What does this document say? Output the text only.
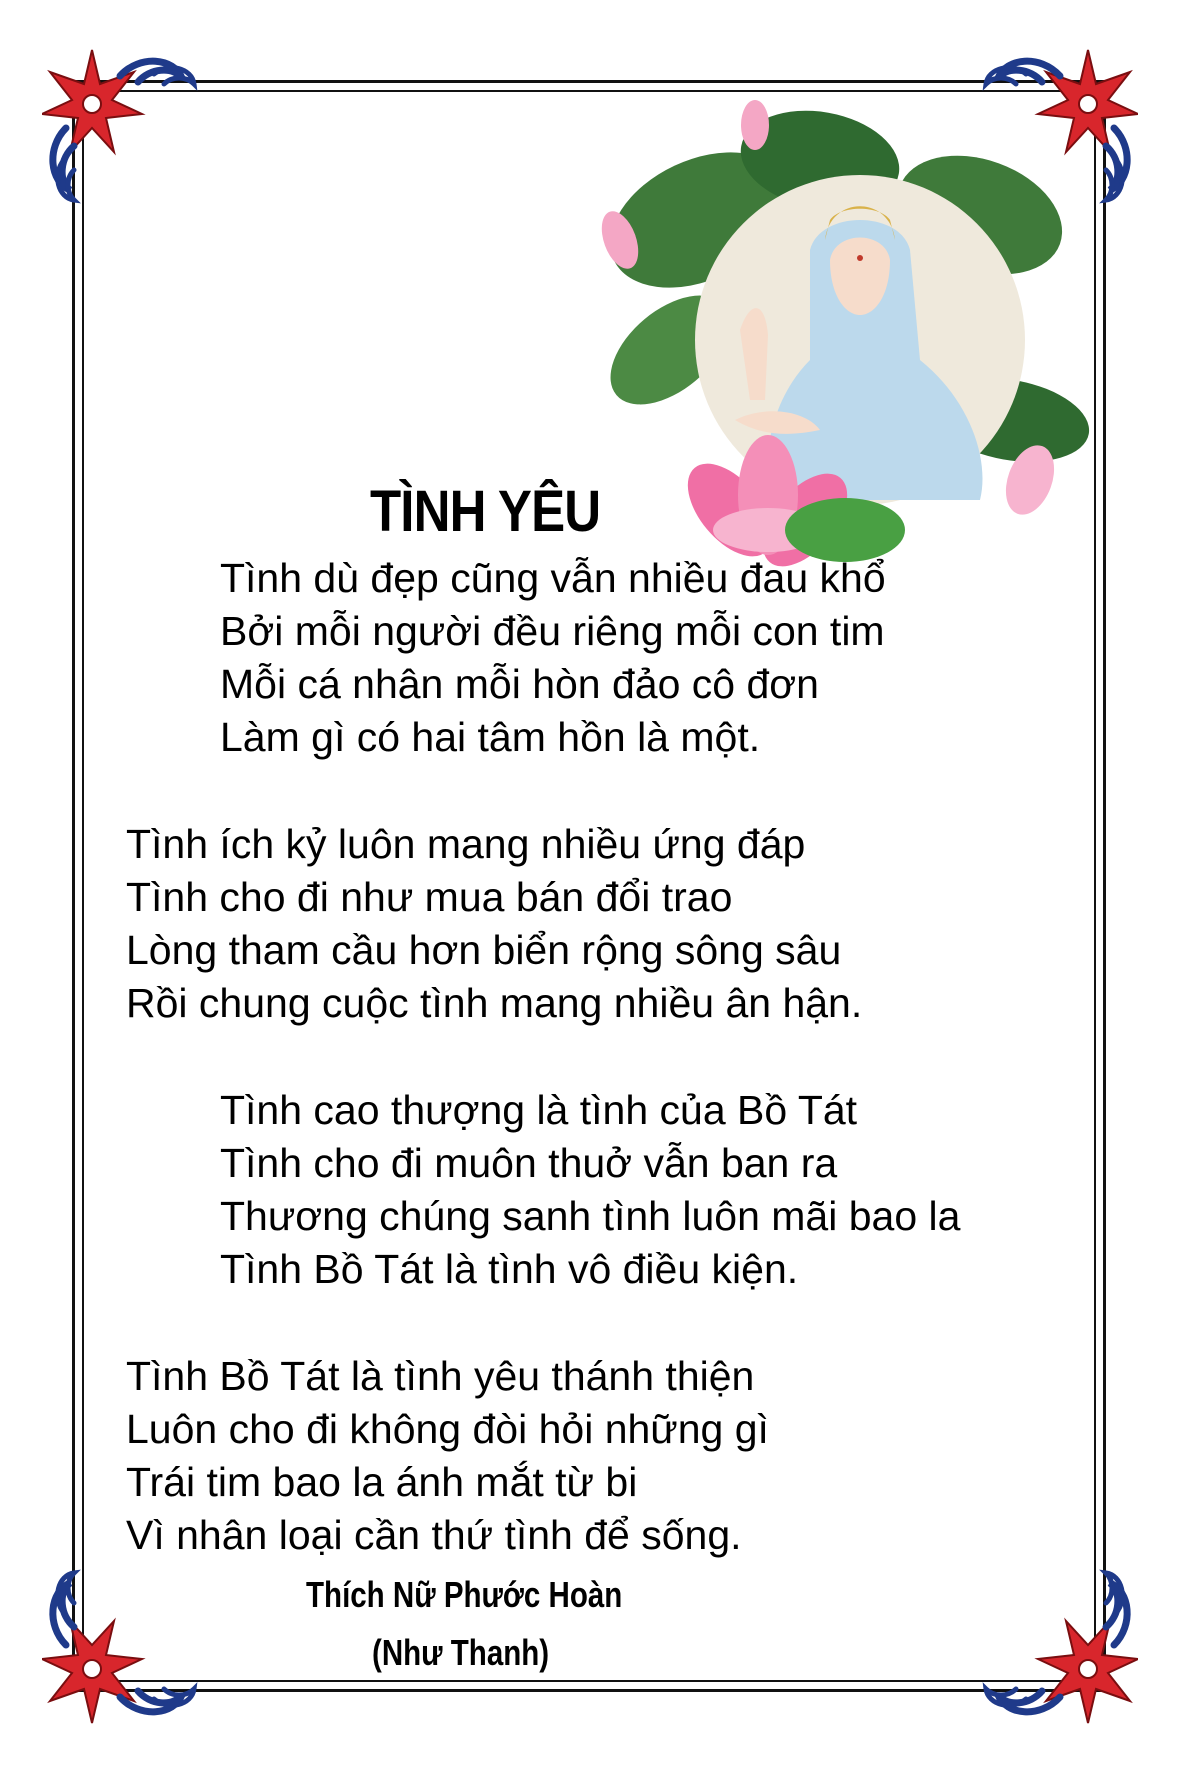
TÌNH YÊU
Tình dù đẹp cũng vẫn nhiều đau khổ
Bởi mỗi người đều riêng mỗi con tim
Mỗi cá nhân mỗi hòn đảo cô đơn
Làm gì có hai tâm hồn là một.
Tình ích kỷ luôn mang nhiều ứng đáp
Tình cho đi như mua bán đổi trao
Lòng tham cầu hơn biển rộng sông sâu
Rồi chung cuộc tình mang nhiều ân hận.
Tình cao thượng là tình của Bồ Tát
Tình cho đi muôn thuở vẫn ban ra
Thương chúng sanh tình luôn mãi bao la
Tình Bồ Tát là tình vô điều kiện.
Tình Bồ Tát là tình yêu thánh thiện
Luôn cho đi không đòi hỏi những gì
Trái tim bao la ánh mắt từ bi
Vì nhân loại cần thứ tình để sống.
Thích Nữ Phước Hoàn
(Như Thanh)
